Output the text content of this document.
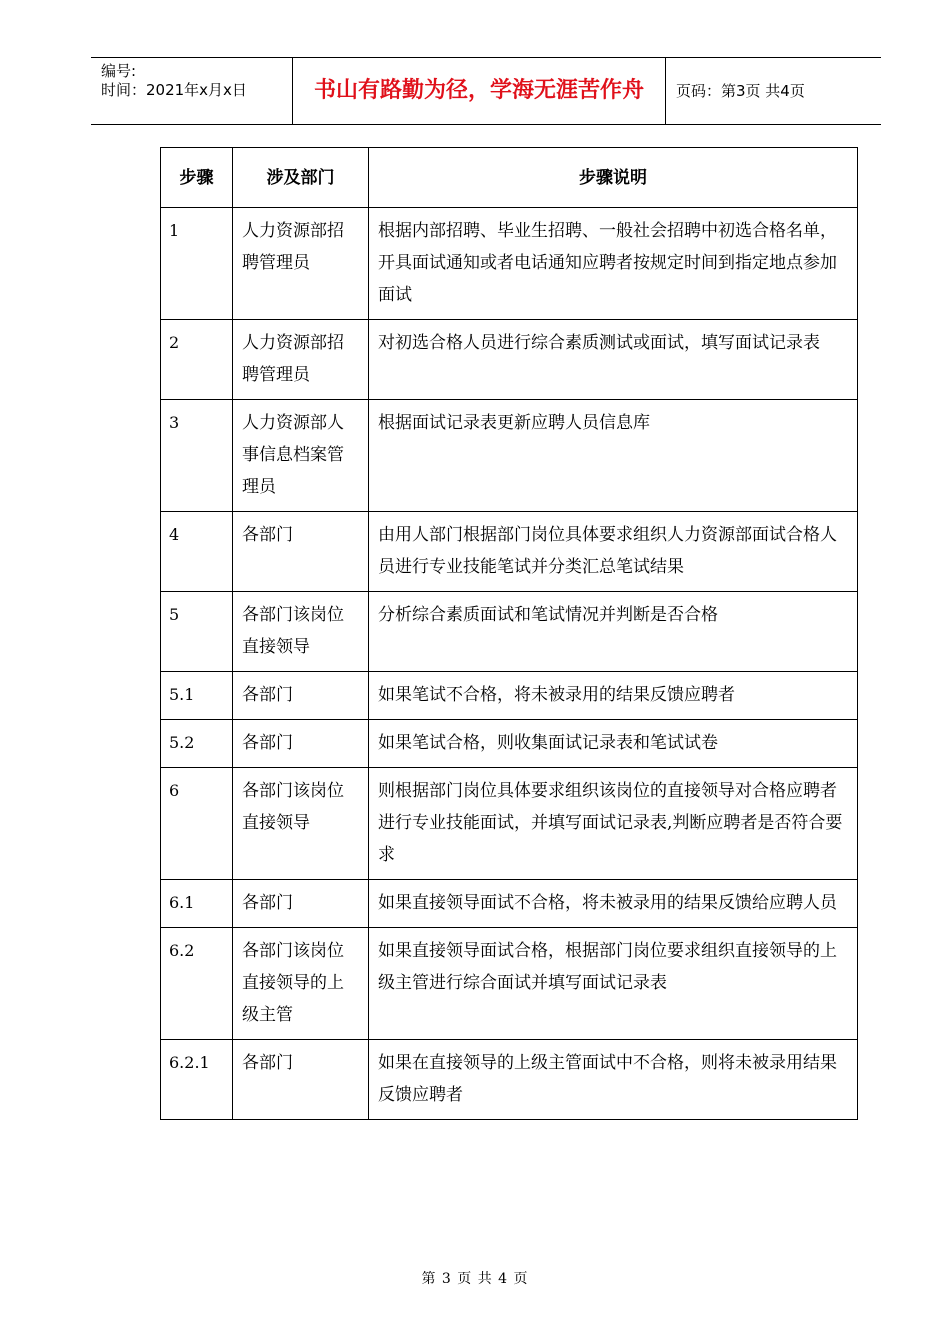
编号:
时间：2021年x月x日	书山有路勤为径，学海无涯苦作舟	页码：第3页 共4页
步骤	涉及部门	步骤说明
1	人力资源部招聘管理员	根据内部招聘、毕业生招聘、一般社会招聘中初选合格名单，开具面试通知或者电话通知应聘者按规定时间到指定地点参加面试
2	人力资源部招聘管理员	对初选合格人员进行综合素质测试或面试，填写面试记录表
3	人力资源部人事信息档案管理员	根据面试记录表更新应聘人员信息库
4	各部门	由用人部门根据部门岗位具体要求组织人力资源部面试合格人员进行专业技能笔试并分类汇总笔试结果
5	各部门该岗位直接领导	分析综合素质面试和笔试情况并判断是否合格
5.1	各部门	如果笔试不合格，将未被录用的结果反馈应聘者
5.2	各部门	如果笔试合格，则收集面试记录表和笔试试卷
6	各部门该岗位直接领导	则根据部门岗位具体要求组织该岗位的直接领导对合格应聘者进行专业技能面试，并填写面试记录表,判断应聘者是否符合要求
6.1	各部门	如果直接领导面试不合格，将未被录用的结果反馈给应聘人员
6.2	各部门该岗位直接领导的上级主管	如果直接领导面试合格，根据部门岗位要求组织直接领导的上级主管进行综合面试并填写面试记录表
6.2.1	各部门	如果在直接领导的上级主管面试中不合格，则将未被录用结果反馈应聘者
第 3 页 共 4 页
